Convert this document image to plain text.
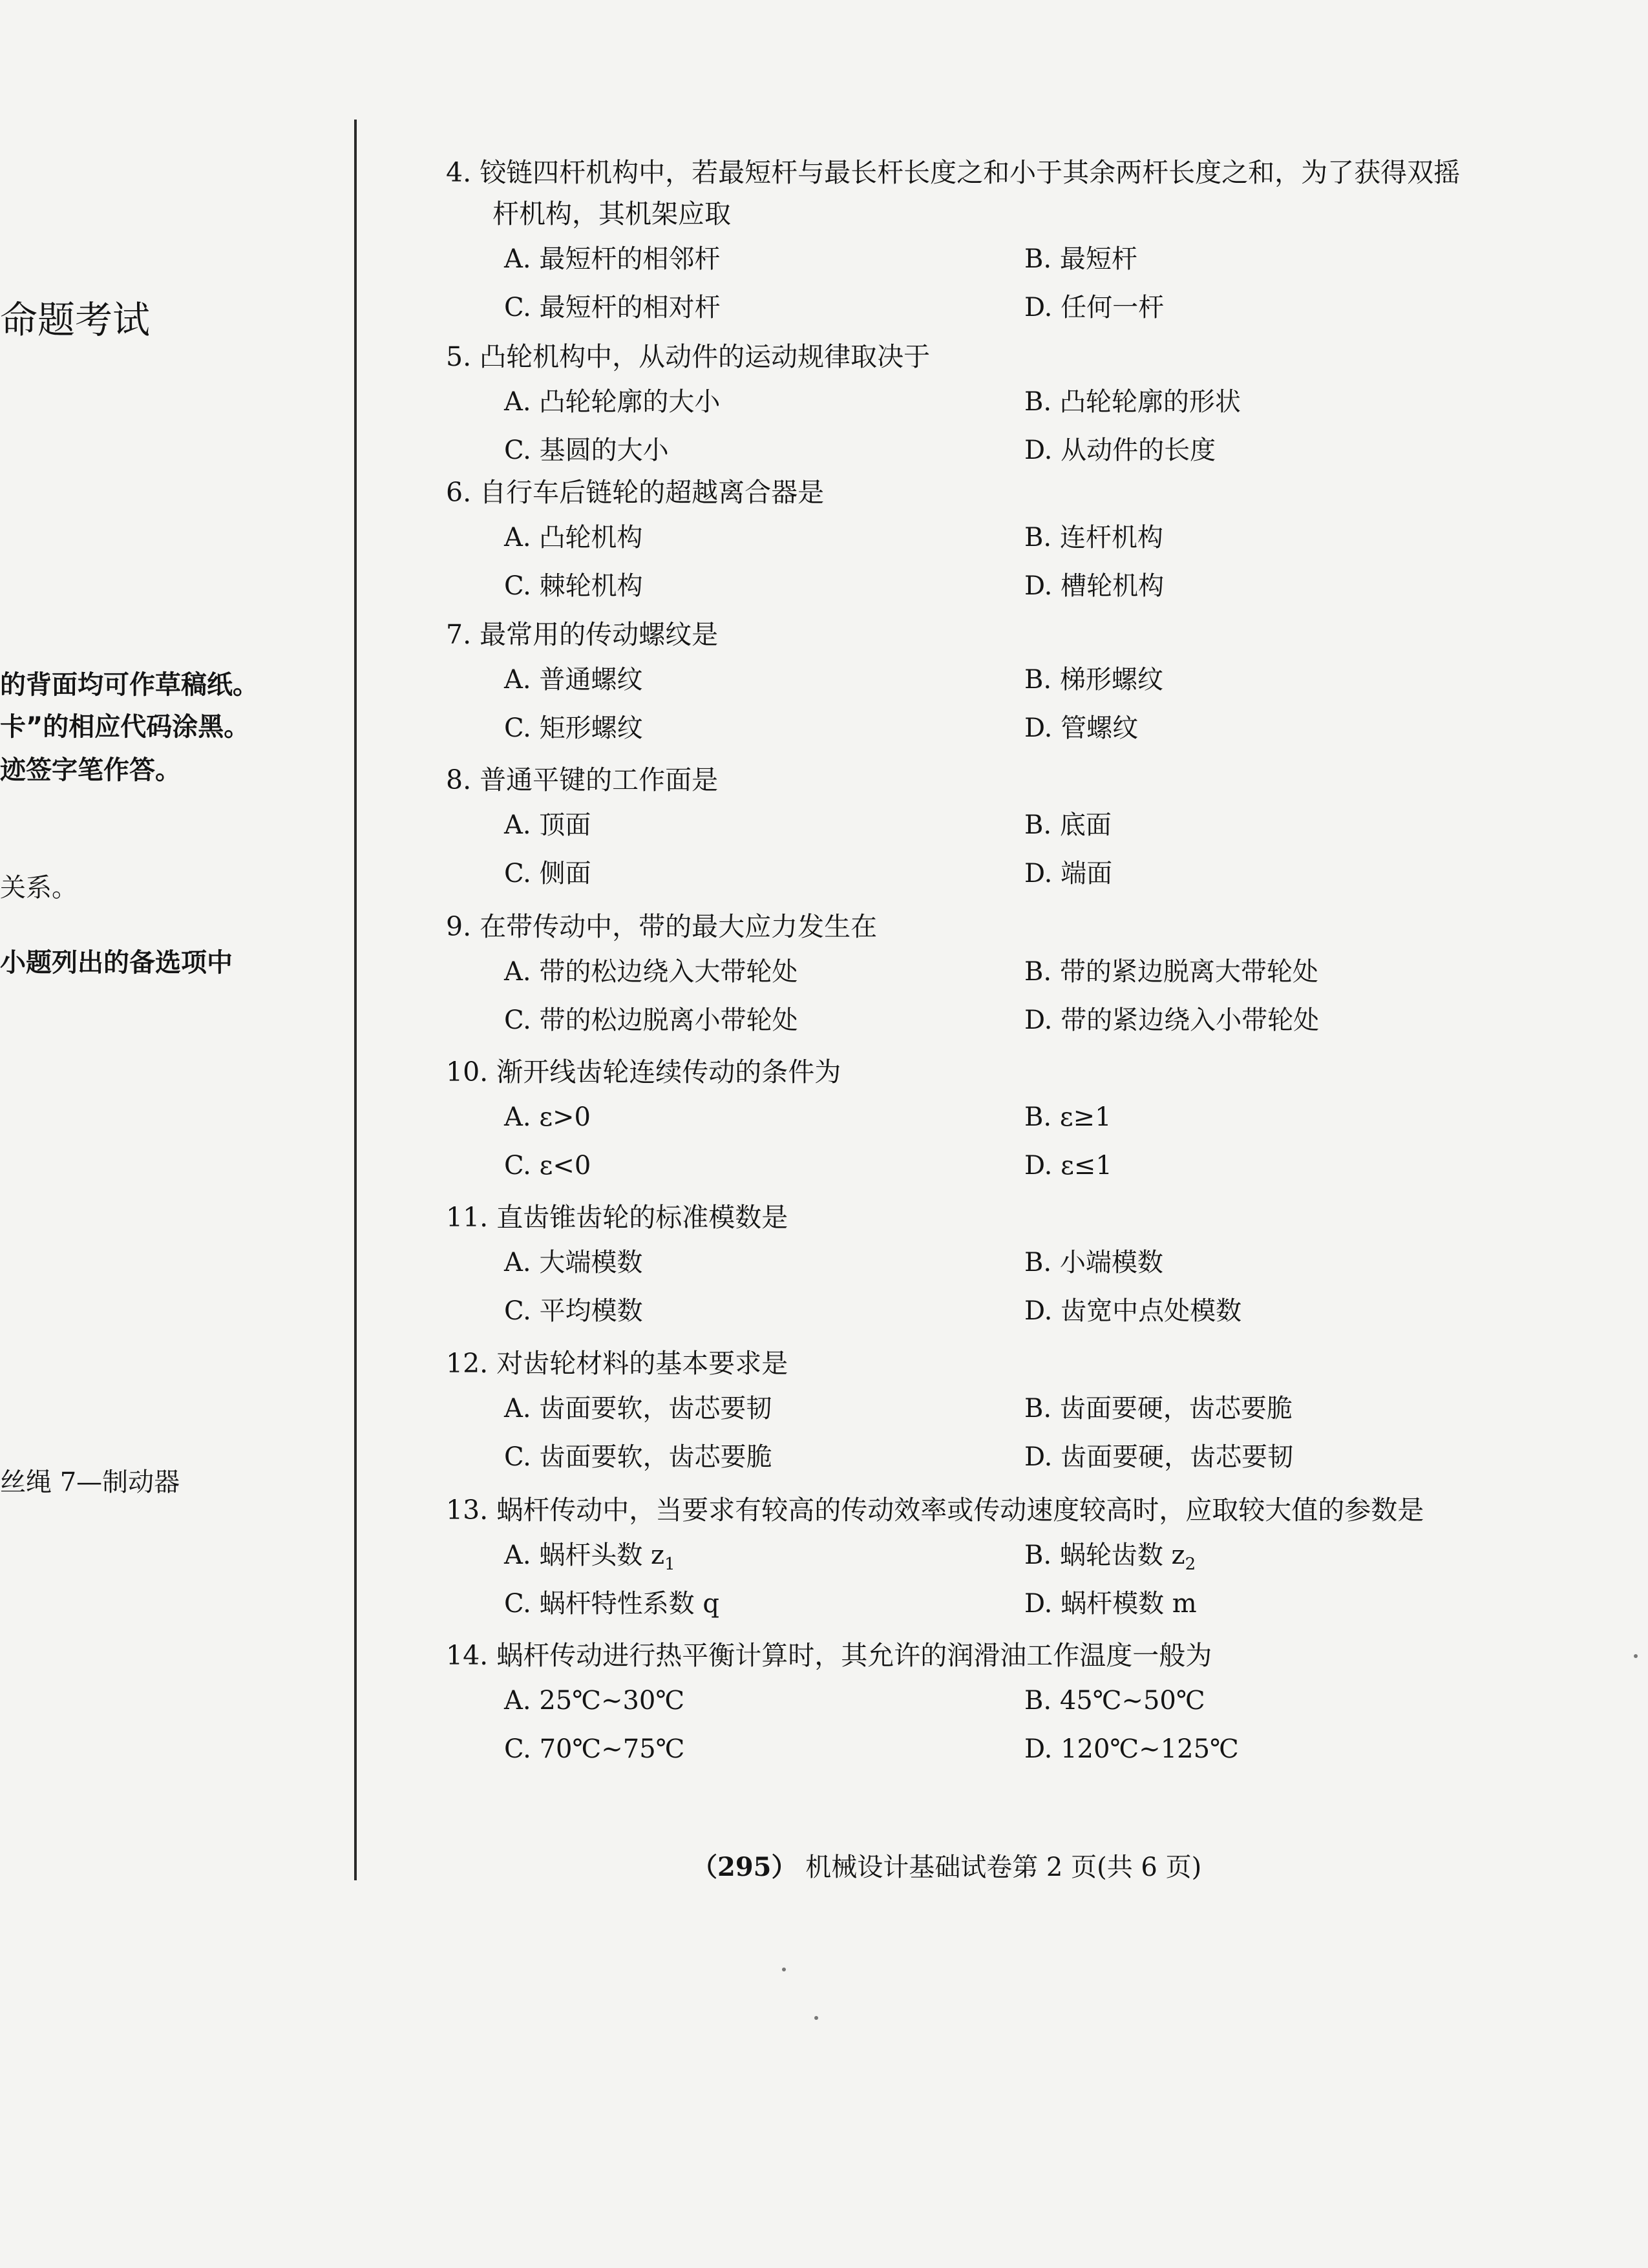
命题考试
的背面均可作草稿纸。
卡”的相应代码涂黑。
迹签字笔作答。
关系。
小题列出的备选项中
丝绳 7—制动器
4. 铰链四杆机构中，若最短杆与最长杆长度之和小于其余两杆长度之和，为了获得双摇
杆机构，其机架应取
A. 最短杆的相邻杆	B. 最短杆
C. 最短杆的相对杆	D. 任何一杆
5. 凸轮机构中，从动件的运动规律取决于
A. 凸轮轮廓的大小	B. 凸轮轮廓的形状
C. 基圆的大小	D. 从动件的长度
6. 自行车后链轮的超越离合器是
A. 凸轮机构	B. 连杆机构
C. 棘轮机构	D. 槽轮机构
7. 最常用的传动螺纹是
A. 普通螺纹	B. 梯形螺纹
C. 矩形螺纹	D. 管螺纹
8. 普通平键的工作面是
A. 顶面	B. 底面
C. 侧面	D. 端面
9. 在带传动中，带的最大应力发生在
A. 带的松边绕入大带轮处	B. 带的紧边脱离大带轮处
C. 带的松边脱离小带轮处	D. 带的紧边绕入小带轮处
10. 渐开线齿轮连续传动的条件为
A. ε>0	B. ε≥1
C. ε<0	D. ε≤1
11. 直齿锥齿轮的标准模数是
A. 大端模数	B. 小端模数
C. 平均模数	D. 齿宽中点处模数
12. 对齿轮材料的基本要求是
A. 齿面要软，齿芯要韧	B. 齿面要硬，齿芯要脆
C. 齿面要软，齿芯要脆	D. 齿面要硬，齿芯要韧
13. 蜗杆传动中，当要求有较高的传动效率或传动速度较高时，应取较大值的参数是
A. 蜗杆头数 $z_1$	B. 蜗轮齿数 $z_2$
C. 蜗杆特性系数 q	D. 蜗杆模数 m
14. 蜗杆传动进行热平衡计算时，其允许的润滑油工作温度一般为
A. 25℃~30℃	B. 45℃~50℃
C. 70℃~75℃	D. 120℃~125℃
（295） 机械设计基础试卷第 2 页(共 6 页)
